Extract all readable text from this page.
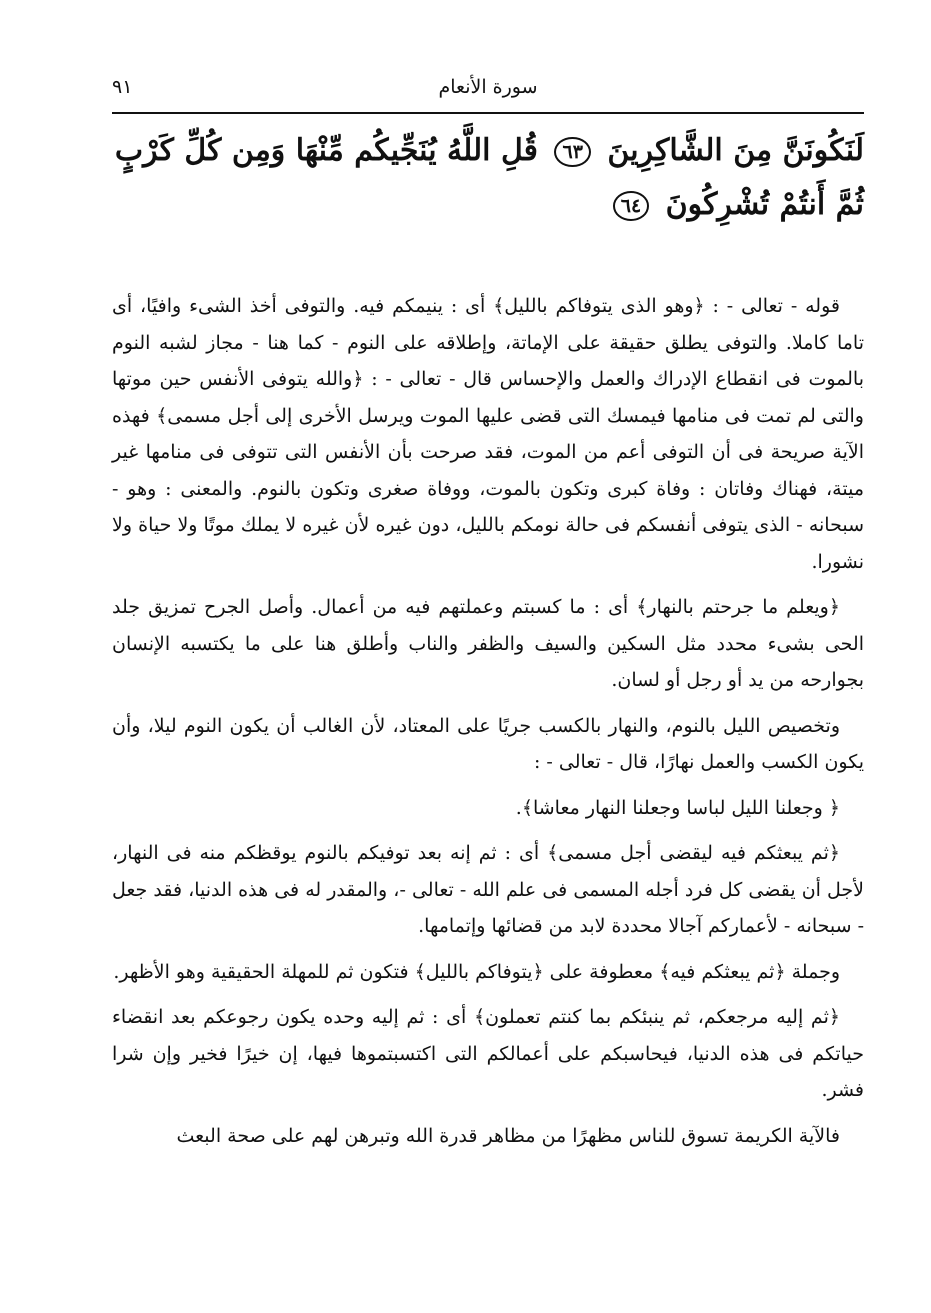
سورة الأنعام
٩١
لَنَكُونَنَّ مِنَ الشَّاكِرِينَ ٦٣ قُلِ اللَّهُ يُنَجِّيكُم مِّنْهَا وَمِن كُلِّ كَرْبٍ
ثُمَّ أَنتُمْ تُشْرِكُونَ ٦٤

قوله - تعالى - : ﴿وهو الذى يتوفاكم بالليل﴾ أى : ينيمكم فيه. والتوفى أخذ الشىء وافيًا، أى تاما كاملا. والتوفى يطلق حقيقة على الإماتة، وإطلاقه على النوم - كما هنا - مجاز لشبه النوم بالموت فى انقطاع الإدراك والعمل والإحساس قال - تعالى - : ﴿والله يتوفى الأنفس حين موتها والتى لم تمت فى منامها فيمسك التى قضى عليها الموت ويرسل الأخرى إلى أجل مسمى﴾ فهذه الآية صريحة فى أن التوفى أعم من الموت، فقد صرحت بأن الأنفس التى تتوفى فى منامها غير ميتة، فهناك وفاتان : وفاة كبرى وتكون بالموت، ووفاة صغرى وتكون بالنوم. والمعنى : وهو - سبحانه - الذى يتوفى أنفسكم فى حالة نومكم بالليل، دون غيره لأن غيره لا يملك موتًا ولا حياة ولا نشورا.

﴿ويعلم ما جرحتم بالنهار﴾ أى : ما كسبتم وعملتهم فيه من أعمال. وأصل الجرح تمزيق جلد الحى بشىء محدد مثل السكين والسيف والظفر والناب وأطلق هنا على ما يكتسبه الإنسان بجوارحه من يد أو رجل أو لسان.

وتخصيص الليل بالنوم، والنهار بالكسب جريًا على المعتاد، لأن الغالب أن يكون النوم ليلا، وأن يكون الكسب والعمل نهارًا، قال - تعالى - :

﴿ وجعلنا الليل لباسا وجعلنا النهار معاشا﴾.

﴿ثم يبعثكم فيه ليقضى أجل مسمى﴾ أى : ثم إنه بعد توفيكم بالنوم يوقظكم منه فى النهار، لأجل أن يقضى كل فرد أجله المسمى فى علم الله - تعالى -، والمقدر له فى هذه الدنيا، فقد جعل - سبحانه - لأعماركم آجالا محددة لابد من قضائها وإتمامها.

وجملة ﴿ثم يبعثكم فيه﴾ معطوفة على ﴿يتوفاكم بالليل﴾ فتكون ثم للمهلة الحقيقية وهو الأظهر.

﴿ثم إليه مرجعكم، ثم ينبئكم بما كنتم تعملون﴾ أى : ثم إليه وحده يكون رجوعكم بعد انقضاء حياتكم فى هذه الدنيا، فيحاسبكم على أعمالكم التى اكتسبتموها فيها، إن خيرًا فخير وإن شرا فشر.

فالآية الكريمة تسوق للناس مظهرًا من مظاهر قدرة الله وتبرهن لهم على صحة البعث
